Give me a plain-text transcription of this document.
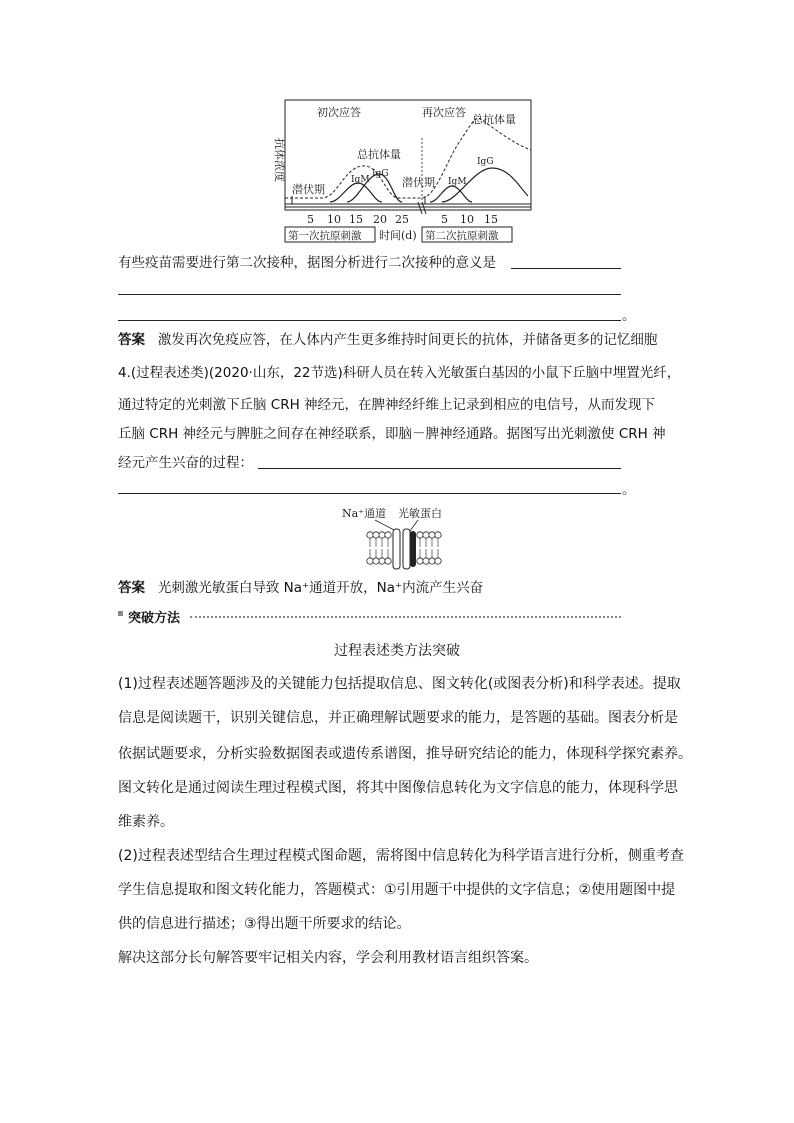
抗体浓度
初次应答	再次应答
总抗体量
总抗体量
潜伏期
潜伏期
IgM
IgG
IgM
IgG
5 10 15 20 25	5 10 15
第一次抗原刺激 时间(d) 第二次抗原刺激
有些疫苗需要进行第二次接种，据图分析进行二次接种的意义是
。
答案 激发再次免疫应答，在人体内产生更多维持时间更长的抗体，并储备更多的记忆细胞
4.(过程表述类)(2020·山东，22节选)科研人员在转入光敏蛋白基因的小鼠下丘脑中埋置光纤，
通过特定的光刺激下丘脑 CRH 神经元，在脾神经纤维上记录到相应的电信号，从而发现下
丘脑 CRH 神经元与脾脏之间存在神经联系，即脑－脾神经通路。据图写出光刺激使 CRH 神
经元产生兴奋的过程：
。
Na⁺通道 光敏蛋白
答案 光刺激光敏蛋白导致 Na⁺通道开放，Na⁺内流产生兴奋
突破方法
过程表述类方法突破
(1)过程表述题答题涉及的关键能力包括提取信息、图文转化(或图表分析)和科学表述。提取
信息是阅读题干，识别关键信息，并正确理解试题要求的能力，是答题的基础。图表分析是
依据试题要求，分析实验数据图表或遗传系谱图，推导研究结论的能力，体现科学探究素养。
图文转化是通过阅读生理过程模式图，将其中图像信息转化为文字信息的能力，体现科学思
维素养。
(2)过程表述型结合生理过程模式图命题，需将图中信息转化为科学语言进行分析，侧重考查
学生信息提取和图文转化能力，答题模式：①引用题干中提供的文字信息；②使用题图中提
供的信息进行描述；③得出题干所要求的结论。
解决这部分长句解答要牢记相关内容，学会利用教材语言组织答案。
